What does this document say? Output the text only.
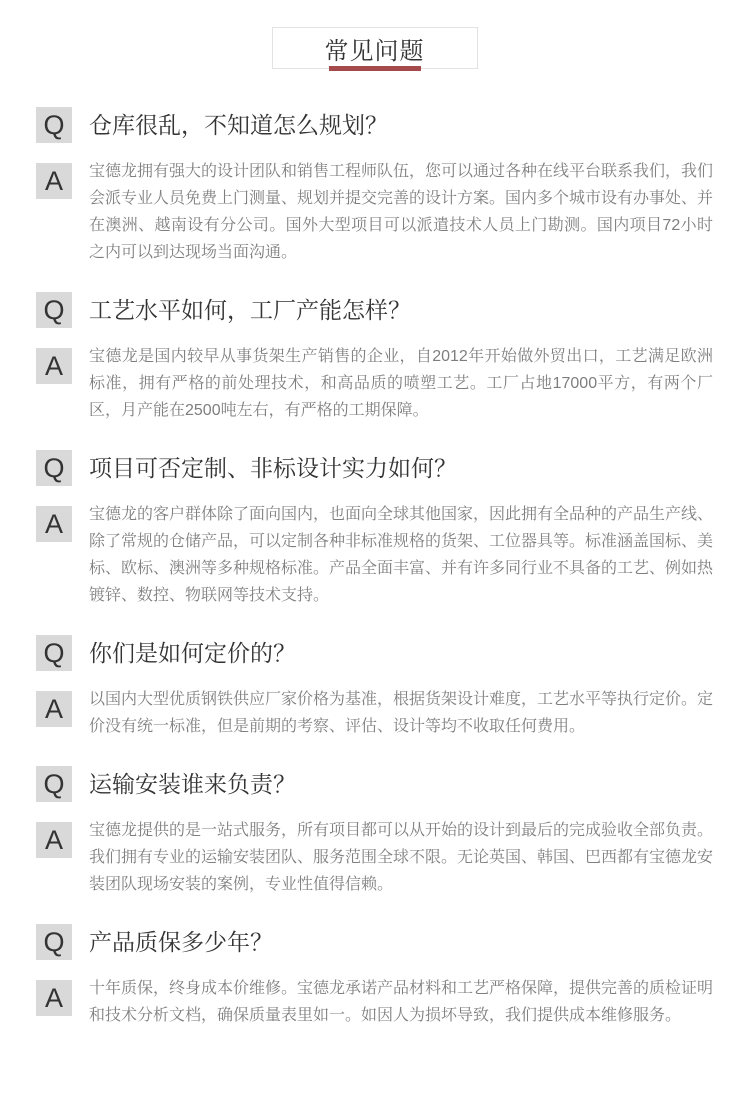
常见问题
Q	仓库很乱，不知道怎么规划？
A	宝德龙拥有强大的设计团队和销售工程师队伍，您可以通过各种在线平台联系我们，我们会派专业人员免费上门测量、规划并提交完善的设计方案。国内多个城市设有办事处、并在澳洲、越南设有分公司。国外大型项目可以派遣技术人员上门勘测。国内项目72小时之内可以到达现场当面沟通。

Q	工艺水平如何，工厂产能怎样？
A	宝德龙是国内较早从事货架生产销售的企业，自2012年开始做外贸出口，工艺满足欧洲标准，拥有严格的前处理技术，和高品质的喷塑工艺。工厂占地17000平方，有两个厂区，月产能在2500吨左右，有严格的工期保障。

Q	项目可否定制、非标设计实力如何？
A	宝德龙的客户群体除了面向国内，也面向全球其他国家，因此拥有全品种的产品生产线、除了常规的仓储产品，可以定制各种非标准规格的货架、工位器具等。标准涵盖国标、美标、欧标、澳洲等多种规格标准。产品全面丰富、并有许多同行业不具备的工艺、例如热镀锌、数控、物联网等技术支持。

Q	你们是如何定价的？
A	以国内大型优质钢铁供应厂家价格为基准，根据货架设计难度，工艺水平等执行定价。定价没有统一标准，但是前期的考察、评估、设计等均不收取任何费用。

Q	运输安装谁来负责？
A	宝德龙提供的是一站式服务，所有项目都可以从开始的设计到最后的完成验收全部负责。我们拥有专业的运输安装团队、服务范围全球不限。无论英国、韩国、巴西都有宝德龙安装团队现场安装的案例，专业性值得信赖。

Q	产品质保多少年？
A	十年质保，终身成本价维修。宝德龙承诺产品材料和工艺严格保障，提供完善的质检证明和技术分析文档，确保质量表里如一。如因人为损坏导致，我们提供成本维修服务。
